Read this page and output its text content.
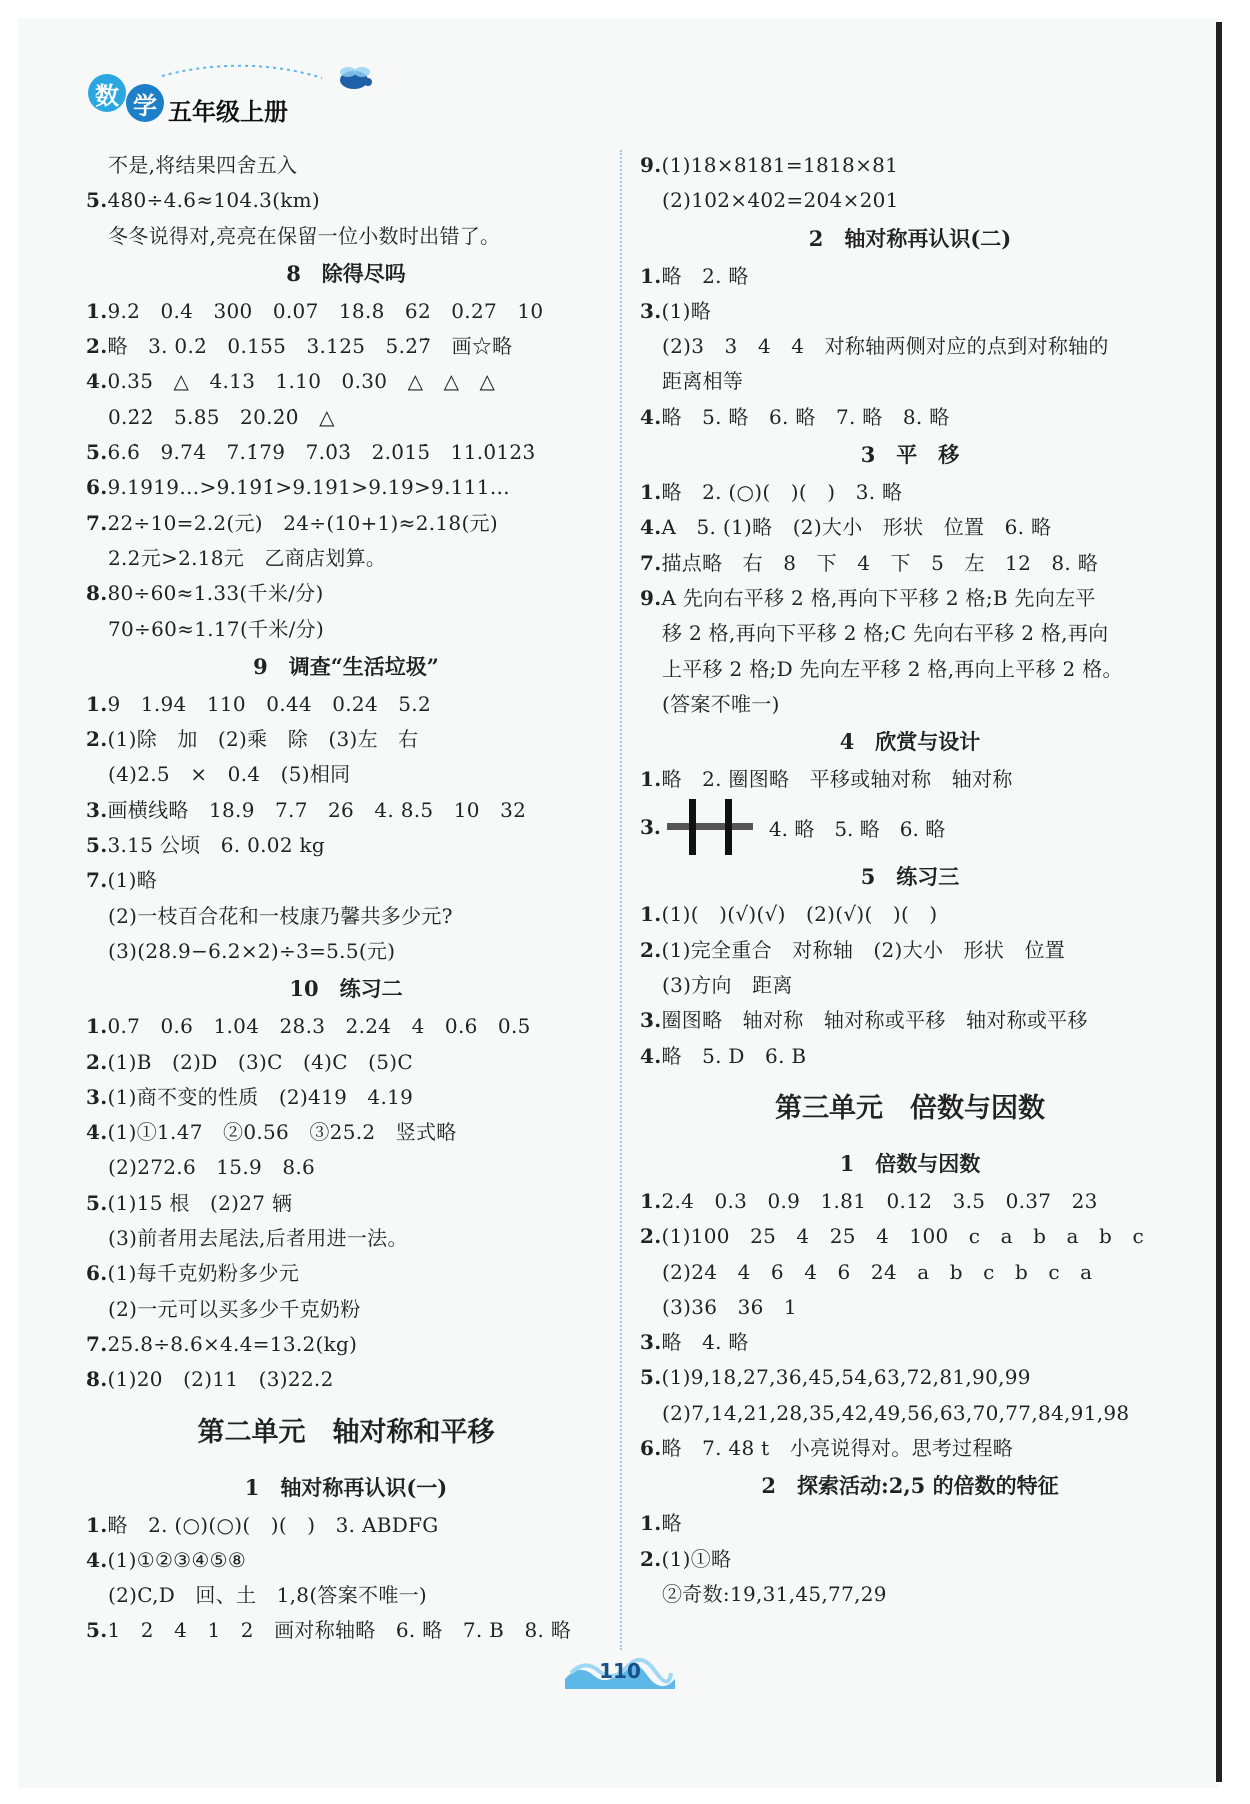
数 学 五年级上册
不是,将结果四舍五入
5.480÷4.6≈104.3(km)
冬冬说得对,亮亮在保留一位小数时出错了。
8　除得尽吗
1.9.2　0.4　300　0.07　18.8　62　0.27　10
2.略　3. 0.2̇　0.155　3.125　5.2̇7̇　画☆略
4.0.35　△　4.13　1.10　0.30　△　△　△
0.2̇2̇　5.85　20.2̇0̇　△
5.6.6̇　9.74̇　7.1̇79̇　7.0̇3̇　2.0̇15̇　11.0̇123̇
6.9.1919…>9.19̇1̇>9.191>9.19>9.111…
7.22÷10=2.2(元)　24÷(10+1)≈2.18(元)
2.2元>2.18元　乙商店划算。
8.80÷60≈1.33(千米/分)
70÷60≈1.17(千米/分)
9　调查“生活垃圾”
1.9　1.94　110　0.44　0.24　5.2
2.(1)除　加　(2)乘　除　(3)左　右
(4)2.5　×　0.4　(5)相同
3.画横线略　18.9　7.7　26　4. 8.5　10　32
5.3.15 公顷　6. 0.02 kg
7.(1)略
(2)一枝百合花和一枝康乃馨共多少元?
(3)(28.9−6.2×2)÷3=5.5(元)
10　练习二
1.0.7　0.6　1.04　28.3　2.24　4　0.6　0.5
2.(1)B　(2)D　(3)C　(4)C　(5)C
3.(1)商不变的性质　(2)419　4.19
4.(1)①1.47　②0.56　③25.2　竖式略
(2)272.6　15.9　8.6
5.(1)15 根　(2)27 辆
(3)前者用去尾法,后者用进一法。
6.(1)每千克奶粉多少元
(2)一元可以买多少千克奶粉
7.25.8÷8.6×4.4=13.2(kg)
8.(1)20　(2)11　(3)22.2
第二单元　轴对称和平移
1　轴对称再认识(一)
1.略　2. (○)(○)(　)(　)　3. ABDFG
4.(1)①②③④⑤⑧
(2)C,D　回、土　1,8(答案不唯一)
5.1　2　4　1　2　画对称轴略　6. 略　7. B　8. 略
9.(1)18×8181=1818×81
(2)102×402=204×201
2　轴对称再认识(二)
1.略　2. 略
3.(1)略
(2)3　3　4　4　对称轴两侧对应的点到对称轴的
距离相等
4.略　5. 略　6. 略　7. 略　8. 略
3　平　移
1.略　2. (○)(　)(　)　3. 略
4.A　5. (1)略　(2)大小　形状　位置　6. 略
7.描点略　右　8　下　4　下　5　左　12　8. 略
9.A 先向右平移 2 格,再向下平移 2 格;B 先向左平
移 2 格,再向下平移 2 格;C 先向右平移 2 格,再向
上平移 2 格;D 先向左平移 2 格,再向上平移 2 格。
(答案不唯一)
4　欣赏与设计
1.略　2. 圈图略　平移或轴对称　轴对称
3.	4. 略　5. 略　6. 略
5　练习三
1.(1)(　)(√)(√)　(2)(√)(　)(　)
2.(1)完全重合　对称轴　(2)大小　形状　位置
(3)方向　距离
3.圈图略　轴对称　轴对称或平移　轴对称或平移
4.略　5. D　6. B
第三单元　倍数与因数
1　倍数与因数
1.2.4　0.3　0.9　1.81　0.12　3.5　0.37　23
2.(1)100　25　4　25　4　100　c　a　b　a　b　c
(2)24　4　6　4　6　24　a　b　c　b　c　a
(3)36　36　1
3.略　4. 略
5.(1)9,18,27,36,45,54,63,72,81,90,99
(2)7,14,21,28,35,42,49,56,63,70,77,84,91,98
6.略　7. 48 t　小亮说得对。思考过程略
2　探索活动:2,5 的倍数的特征
1.略
2.(1)①略
②奇数:19,31,45,77,29
110
